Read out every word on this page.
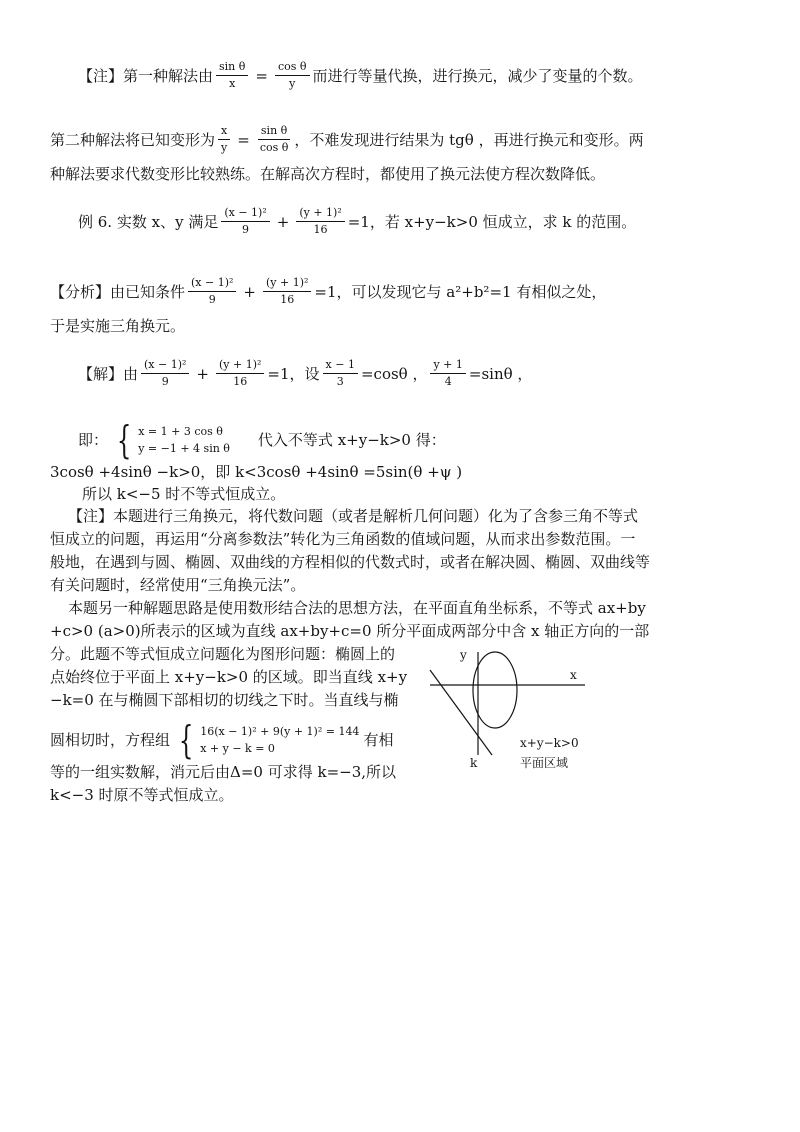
【注】第一种解法由 $\frac{\text{sin θ}}{x} = \frac{\text{cos θ}}{y}$ 而进行等量代换，进行换元，减少了变量的个数。
第二种解法将已知变形为 $\frac{x}{y} = \frac{\text{sin θ}}{\text{cos θ}}$ ，不难发现进行结果为 tgθ ，再进行换元和变形。两
种解法要求代数变形比较熟练。在解高次方程时，都使用了换元法使方程次数降低。
例 6. 实数 x、y 满足 $\frac{\text{(x − 1)²}}{9} + \frac{\text{(y + 1)²}}{16} =1$，若 x+y−k>0 恒成立，求 k 的范围。
【分析】由已知条件 $\frac{\text{(x − 1)²}}{9} + \frac{\text{(y + 1)²}}{16} =1$，可以发现它与 a²+b²=1 有相似之处，
于是实施三角换元。
【解】由 $\frac{\text{(x − 1)²}}{9} + \frac{\text{(y + 1)²}}{16} =1$，设 $\frac{x - 1}{3} =\cos\theta$ ， $\frac{y + 1}{4} =\sin\theta$ ，
即： { x = 1 + 3 cos θ
y = −1 + 4 sin θ 代入不等式 x+y−k>0 得：
3cosθ +4sinθ −k>0，即 k<3cosθ +4sinθ =5sin(θ +ψ )
所以 k<−5 时不等式恒成立。
【注】本题进行三角换元，将代数问题（或者是解析几何问题）化为了含参三角不等式
恒成立的问题，再运用“分离参数法”转化为三角函数的值域问题，从而求出参数范围。一
般地，在遇到与圆、椭圆、双曲线的方程相似的代数式时，或者在解决圆、椭圆、双曲线等
有关问题时，经常使用“三角换元法”。
本题另一种解题思路是使用数形结合法的思想方法，在平面直角坐标系，不等式 ax+by
+c>0 (a>0)所表示的区域为直线 ax+by+c=0 所分平面成两部分中含 x 轴正方向的一部
分。此题不等式恒成立问题化为图形问题：椭圆上的
点始终位于平面上 x+y−k>0 的区域。即当直线 x+y
−k=0 在与椭圆下部相切的切线之下时。当直线与椭
圆相切时，方程组 { 16(x − 1)² + 9(y + 1)² = 144
x + y − k = 0	有相
等的一组实数解，消元后由Δ=0 可求得 k=−3,所以
k<−3 时原不等式恒成立。
y
x
k
x+y−k>0
平面区域
